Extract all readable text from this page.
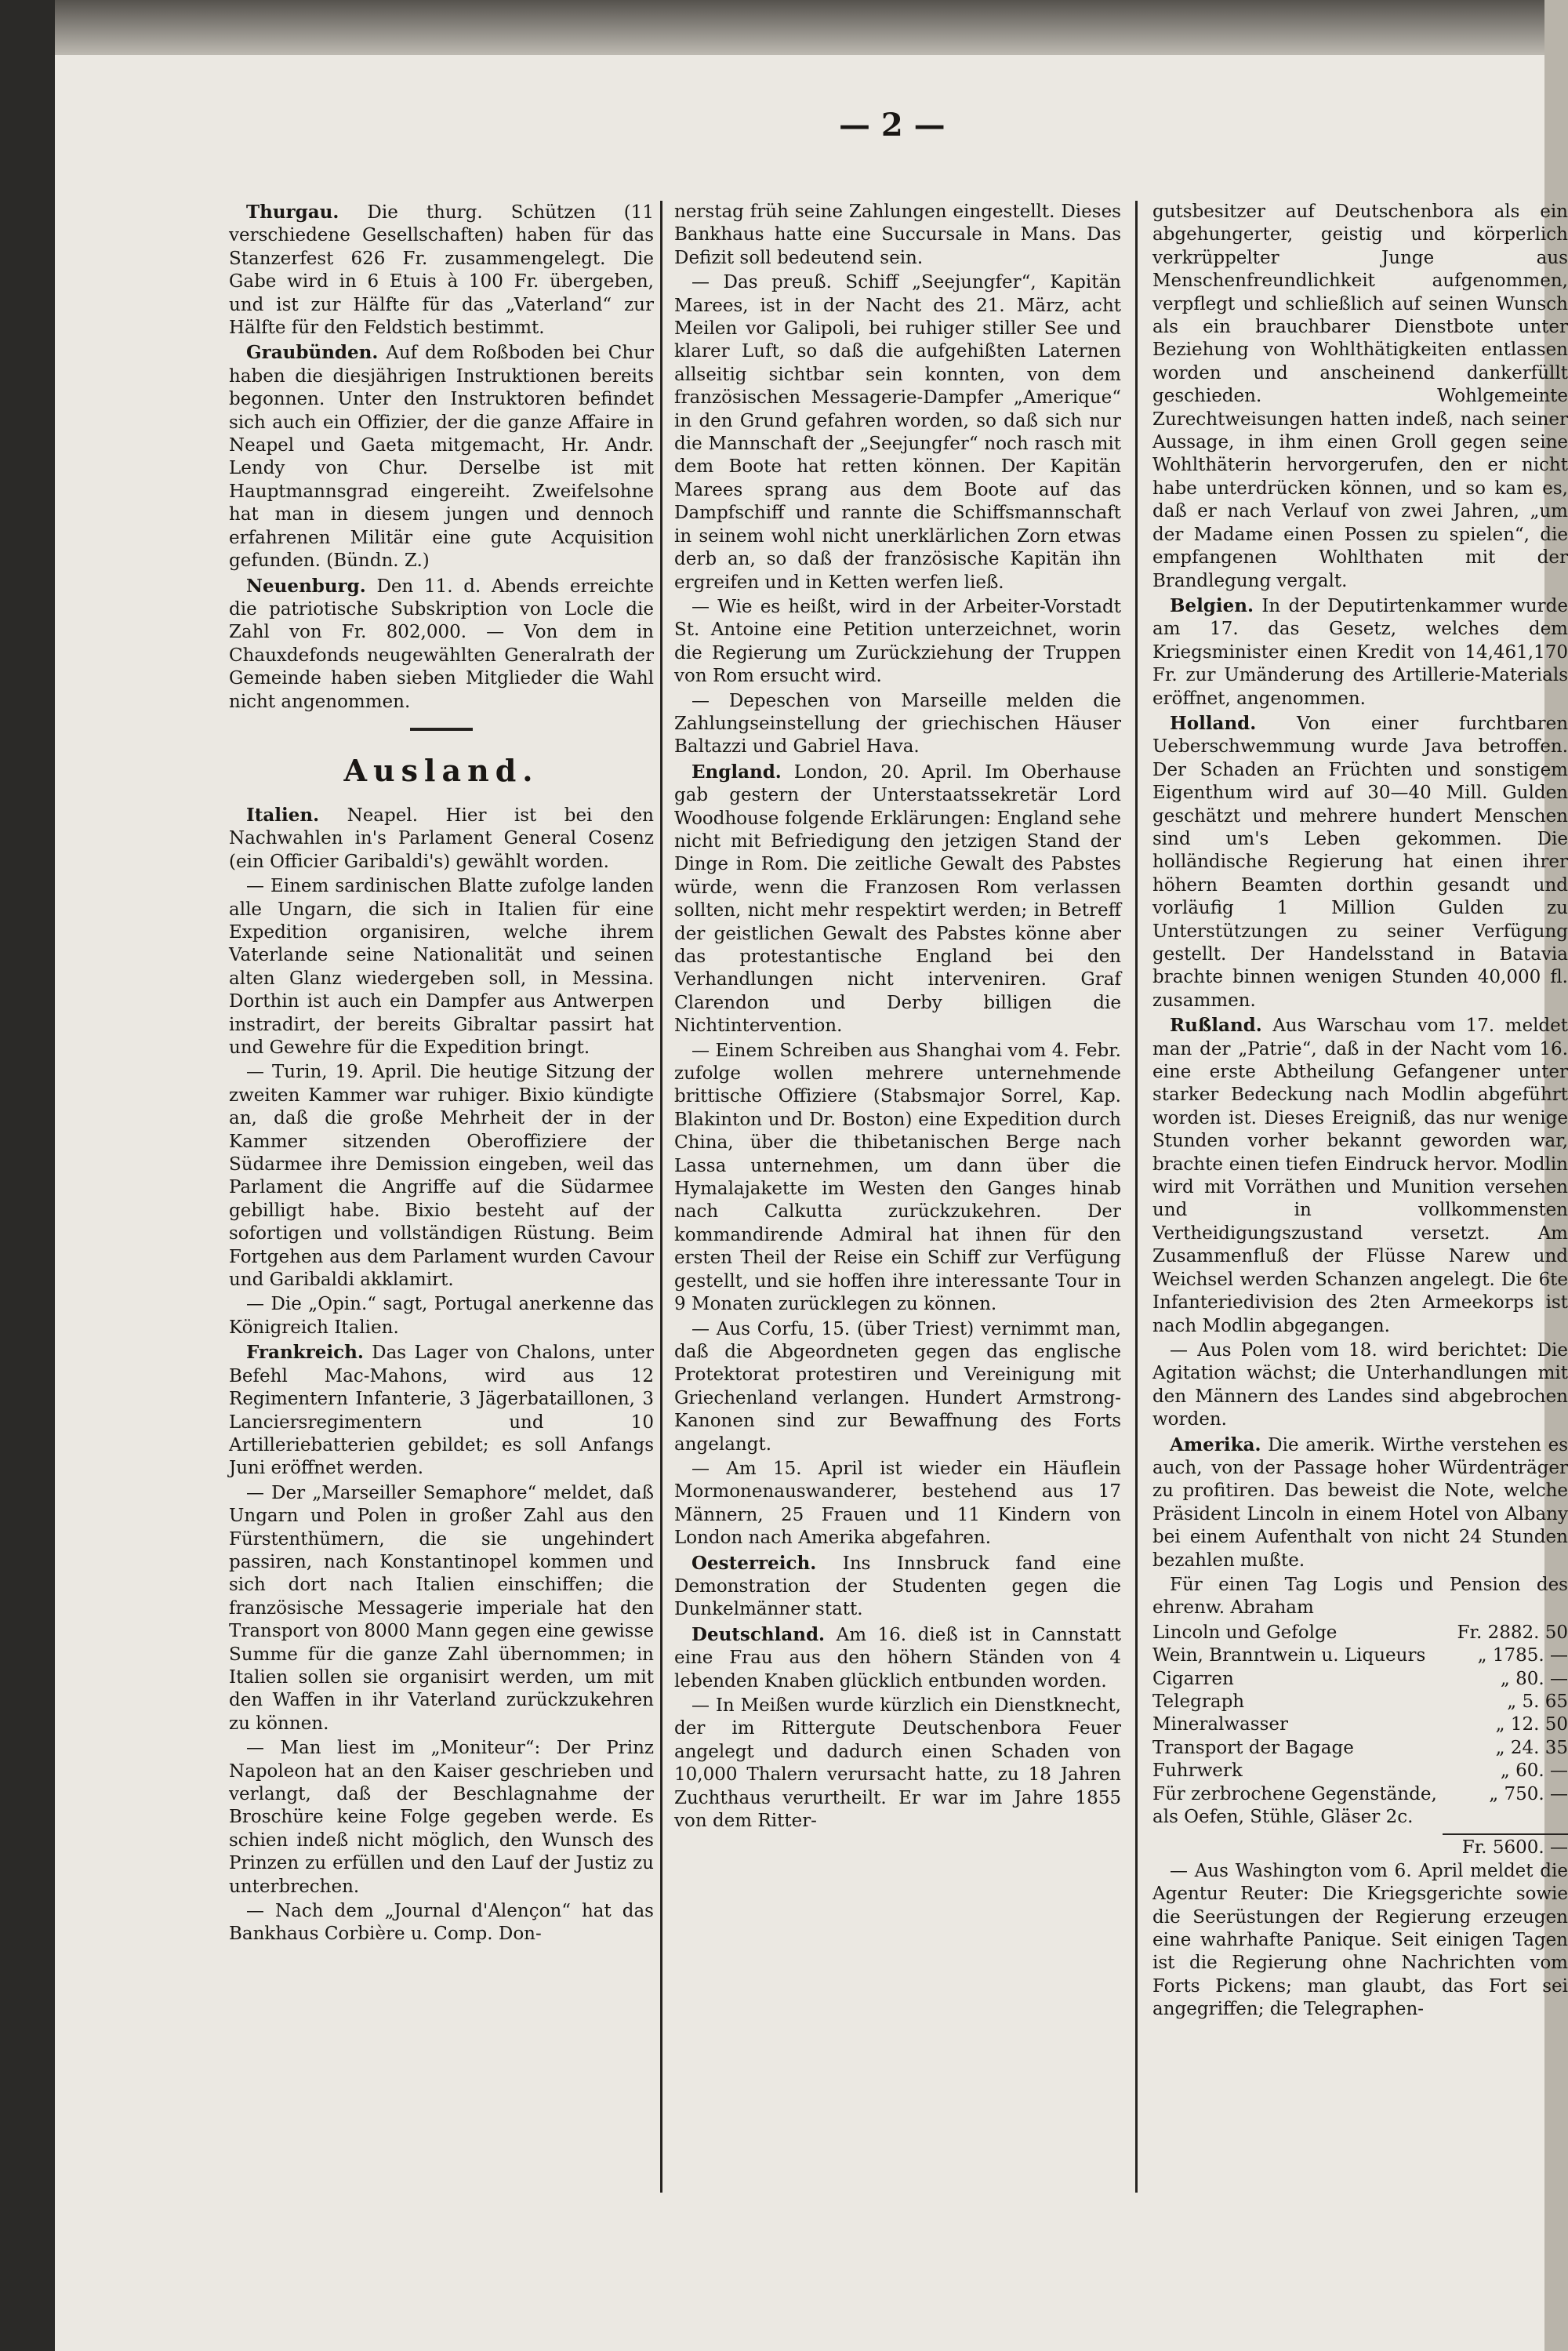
— 2 —

Thurgau. Die thurg. Schützen (11 verschiedene Gesellschaften) haben für das Stanzerfest 626 Fr. zusammengelegt. Die Gabe wird in 6 Etuis à 100 Fr. übergeben, und ist zur Hälfte für das „Vaterland“ zur Hälfte für den Feldstich bestimmt.

Graubünden. Auf dem Roßboden bei Chur haben die diesjährigen Instruktionen bereits begonnen. Unter den Instruktoren befindet sich auch ein Offizier, der die ganze Affaire in Neapel und Gaeta mitgemacht, Hr. Andr. Lendy von Chur. Derselbe ist mit Hauptmannsgrad eingereiht. Zweifelsohne hat man in diesem jungen und dennoch erfahrenen Militär eine gute Acquisition gefunden. (Bündn. Z.)

Neuenburg. Den 11. d. Abends erreichte die patriotische Subskription von Locle die Zahl von Fr. 802,000. — Von dem in Chauxdefonds neugewählten Generalrath der Gemeinde haben sieben Mitglieder die Wahl nicht angenommen.

Ausland.

Italien. Neapel. Hier ist bei den Nachwahlen in's Parlament General Cosenz (ein Officier Garibaldi's) gewählt worden.

— Einem sardinischen Blatte zufolge landen alle Ungarn, die sich in Italien für eine Expedition organisiren, welche ihrem Vaterlande seine Nationalität und seinen alten Glanz wiedergeben soll, in Messina. Dorthin ist auch ein Dampfer aus Antwerpen instradirt, der bereits Gibraltar passirt hat und Gewehre für die Expedition bringt.

— Turin, 19. April. Die heutige Sitzung der zweiten Kammer war ruhiger. Bixio kündigte an, daß die große Mehrheit der in der Kammer sitzenden Oberoffiziere der Südarmee ihre Demission eingeben, weil das Parlament die Angriffe auf die Südarmee gebilligt habe. Bixio besteht auf der sofortigen und vollständigen Rüstung. Beim Fortgehen aus dem Parlament wurden Cavour und Garibaldi akklamirt.

— Die „Opin.“ sagt, Portugal anerkenne das Königreich Italien.

Frankreich. Das Lager von Chalons, unter Befehl Mac-Mahons, wird aus 12 Regimentern Infanterie, 3 Jägerbataillonen, 3 Lanciersregimentern und 10 Artilleriebatterien gebildet; es soll Anfangs Juni eröffnet werden.

— Der „Marseiller Semaphore“ meldet, daß Ungarn und Polen in großer Zahl aus den Fürstenthümern, die sie ungehindert passiren, nach Konstantinopel kommen und sich dort nach Italien einschiffen; die französische Messagerie imperiale hat den Transport von 8000 Mann gegen eine gewisse Summe für die ganze Zahl übernommen; in Italien sollen sie organisirt werden, um mit den Waffen in ihr Vaterland zurückzukehren zu können.

— Man liest im „Moniteur“: Der Prinz Napoleon hat an den Kaiser geschrieben und verlangt, daß der Beschlagnahme der Broschüre keine Folge gegeben werde. Es schien indeß nicht möglich, den Wunsch des Prinzen zu erfüllen und den Lauf der Justiz zu unterbrechen.

— Nach dem „Journal d'Alençon“ hat das Bankhaus Corbière u. Comp. Don-

nerstag früh seine Zahlungen eingestellt. Dieses Bankhaus hatte eine Succursale in Mans. Das Defizit soll bedeutend sein.

— Das preuß. Schiff „Seejungfer“, Kapitän Marees, ist in der Nacht des 21. März, acht Meilen vor Galipoli, bei ruhiger stiller See und klarer Luft, so daß die aufgehißten Laternen allseitig sichtbar sein konnten, von dem französischen Messagerie-Dampfer „Amerique“ in den Grund gefahren worden, so daß sich nur die Mannschaft der „Seejungfer“ noch rasch mit dem Boote hat retten können. Der Kapitän Marees sprang aus dem Boote auf das Dampfschiff und rannte die Schiffsmannschaft in seinem wohl nicht unerklärlichen Zorn etwas derb an, so daß der französische Kapitän ihn ergreifen und in Ketten werfen ließ.

— Wie es heißt, wird in der Arbeiter-Vorstadt St. Antoine eine Petition unterzeichnet, worin die Regierung um Zurückziehung der Truppen von Rom ersucht wird.

— Depeschen von Marseille melden die Zahlungseinstellung der griechischen Häuser Baltazzi und Gabriel Hava.

England. London, 20. April. Im Oberhause gab gestern der Unterstaatssekretär Lord Woodhouse folgende Erklärungen: England sehe nicht mit Befriedigung den jetzigen Stand der Dinge in Rom. Die zeitliche Gewalt des Pabstes würde, wenn die Franzosen Rom verlassen sollten, nicht mehr respektirt werden; in Betreff der geistlichen Gewalt des Pabstes könne aber das protestantische England bei den Verhandlungen nicht interveniren. Graf Clarendon und Derby billigen die Nichtintervention.

— Einem Schreiben aus Shanghai vom 4. Febr. zufolge wollen mehrere unternehmende brittische Offiziere (Stabsmajor Sorrel, Kap. Blakinton und Dr. Boston) eine Expedition durch China, über die thibetanischen Berge nach Lassa unternehmen, um dann über die Hymalajakette im Westen den Ganges hinab nach Calkutta zurückzukehren. Der kommandirende Admiral hat ihnen für den ersten Theil der Reise ein Schiff zur Verfügung gestellt, und sie hoffen ihre interessante Tour in 9 Monaten zurücklegen zu können.

— Aus Corfu, 15. (über Triest) vernimmt man, daß die Abgeordneten gegen das englische Protektorat protestiren und Vereinigung mit Griechenland verlangen. Hundert Armstrong-Kanonen sind zur Bewaffnung des Forts angelangt.

— Am 15. April ist wieder ein Häuflein Mormonenauswanderer, bestehend aus 17 Männern, 25 Frauen und 11 Kindern von London nach Amerika abgefahren.

Oesterreich. Ins Innsbruck fand eine Demonstration der Studenten gegen die Dunkelmänner statt.

Deutschland. Am 16. dieß ist in Cannstatt eine Frau aus den höhern Ständen von 4 lebenden Knaben glücklich entbunden worden.

— In Meißen wurde kürzlich ein Dienstknecht, der im Rittergute Deutschenbora Feuer angelegt und dadurch einen Schaden von 10,000 Thalern verursacht hatte, zu 18 Jahren Zuchthaus verurtheilt. Er war im Jahre 1855 von dem Ritter-

gutsbesitzer auf Deutschenbora als ein abgehungerter, geistig und körperlich verkrüppelter Junge aus Menschenfreundlichkeit aufgenommen, verpflegt und schließlich auf seinen Wunsch als ein brauchbarer Dienstbote unter Beziehung von Wohlthätigkeiten entlassen worden und anscheinend dankerfüllt geschieden. Wohlgemeinte Zurechtweisungen hatten indeß, nach seiner Aussage, in ihm einen Groll gegen seine Wohlthäterin hervorgerufen, den er nicht habe unterdrücken können, und so kam es, daß er nach Verlauf von zwei Jahren, „um der Madame einen Possen zu spielen“, die empfangenen Wohlthaten mit der Brandlegung vergalt.

Belgien. In der Deputirtenkammer wurde am 17. das Gesetz, welches dem Kriegsminister einen Kredit von 14,461,170 Fr. zur Umänderung des Artillerie-Materials eröffnet, angenommen.

Holland. Von einer furchtbaren Ueberschwemmung wurde Java betroffen. Der Schaden an Früchten und sonstigem Eigenthum wird auf 30—40 Mill. Gulden geschätzt und mehrere hundert Menschen sind um's Leben gekommen. Die holländische Regierung hat einen ihrer höhern Beamten dorthin gesandt und vorläufig 1 Million Gulden zu Unterstützungen zu seiner Verfügung gestellt. Der Handelsstand in Batavia brachte binnen wenigen Stunden 40,000 fl. zusammen.

Rußland. Aus Warschau vom 17. meldet man der „Patrie“, daß in der Nacht vom 16. eine erste Abtheilung Gefangener unter starker Bedeckung nach Modlin abgeführt worden ist. Dieses Ereigniß, das nur wenige Stunden vorher bekannt geworden war, brachte einen tiefen Eindruck hervor. Modlin wird mit Vorräthen und Munition versehen und in vollkommensten Vertheidigungszustand versetzt. Am Zusammenfluß der Flüsse Narew und Weichsel werden Schanzen angelegt. Die 6te Infanteriedivision des 2ten Armeekorps ist nach Modlin abgegangen.

— Aus Polen vom 18. wird berichtet: Die Agitation wächst; die Unterhandlungen mit den Männern des Landes sind abgebrochen worden.

Amerika. Die amerik. Wirthe verstehen es auch, von der Passage hoher Würdenträger zu profitiren. Das beweist die Note, welche Präsident Lincoln in einem Hotel von Albany bei einem Aufenthalt von nicht 24 Stunden bezahlen mußte.

Für einen Tag Logis und Pension des ehrenw. Abraham

Lincoln und Gefolge	Fr. 2882. 50
Wein, Branntwein u. Liqueurs	„ 1785. —
Cigarren	„ 80. —
Telegraph	„ 5. 65
Mineralwasser	„ 12. 50
Transport der Bagage	„ 24. 35
Fuhrwerk	„ 60. —
Für zerbrochene Gegenstände, als Oefen, Stühle, Gläser 2c.	„ 750. —
Fr. 5600. —

— Aus Washington vom 6. April meldet die Agentur Reuter: Die Kriegsgerichte sowie die Seerüstungen der Regierung erzeugen eine wahrhafte Panique. Seit einigen Tagen ist die Regierung ohne Nachrichten vom Forts Pickens; man glaubt, das Fort sei angegriffen; die Telegraphen-
